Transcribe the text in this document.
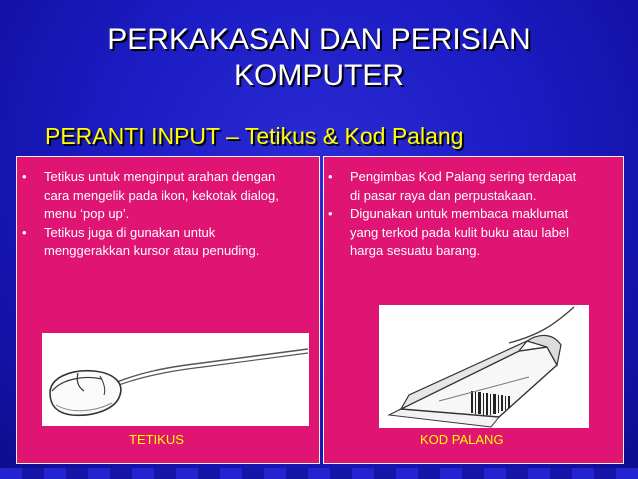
PERKAKASAN DAN PERISIAN
KOMPUTER
PERANTI INPUT – Tetikus & Kod Palang
•	Tetikus untuk menginput arahan dengan cara mengelik pada ikon, kekotak dialog, menu ‘pop up’.
•	Tetikus juga di gunakan untuk menggerakkan kursor atau penuding.
TETIKUS
•	Pengimbas Kod Palang sering terdapat di pasar raya dan perpustakaan.
•	Digunakan untuk membaca maklumat yang terkod pada kulit buku atau label harga sesuatu barang.
KOD PALANG
